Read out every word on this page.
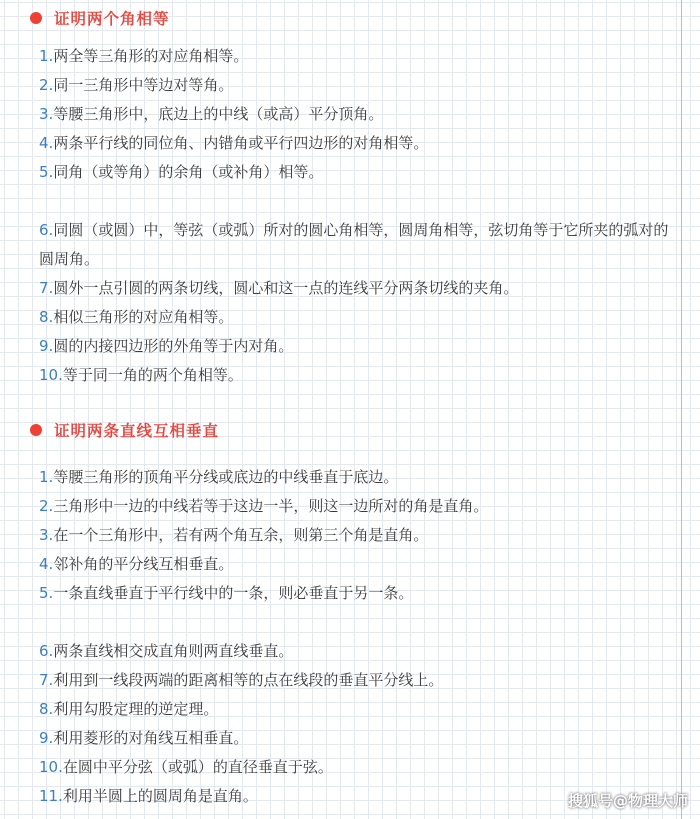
证明两个角相等
1.两全等三角形的对应角相等。
2.同一三角形中等边对等角。
3.等腰三角形中，底边上的中线（或高）平分顶角。
4.两条平行线的同位角、内错角或平行四边形的对角相等。
5.同角（或等角）的余角（或补角）相等。
6.同圆（或圆）中，等弦（或弧）所对的圆心角相等，圆周角相等，弦切角等于它所夹的弧对的圆周角。
7.圆外一点引圆的两条切线，圆心和这一点的连线平分两条切线的夹角。
8.相似三角形的对应角相等。
9.圆的内接四边形的外角等于内对角。
10.等于同一角的两个角相等。
证明两条直线互相垂直
1.等腰三角形的顶角平分线或底边的中线垂直于底边。
2.三角形中一边的中线若等于这边一半，则这一边所对的角是直角。
3.在一个三角形中，若有两个角互余，则第三个角是直角。
4.邻补角的平分线互相垂直。
5.一条直线垂直于平行线中的一条，则必垂直于另一条。
6.两条直线相交成直角则两直线垂直。
7.利用到一线段两端的距离相等的点在线段的垂直平分线上。
8.利用勾股定理的逆定理。
9.利用菱形的对角线互相垂直。
10.在圆中平分弦（或弧）的直径垂直于弦。
11.利用半圆上的圆周角是直角。	搜狐号@物理大师
